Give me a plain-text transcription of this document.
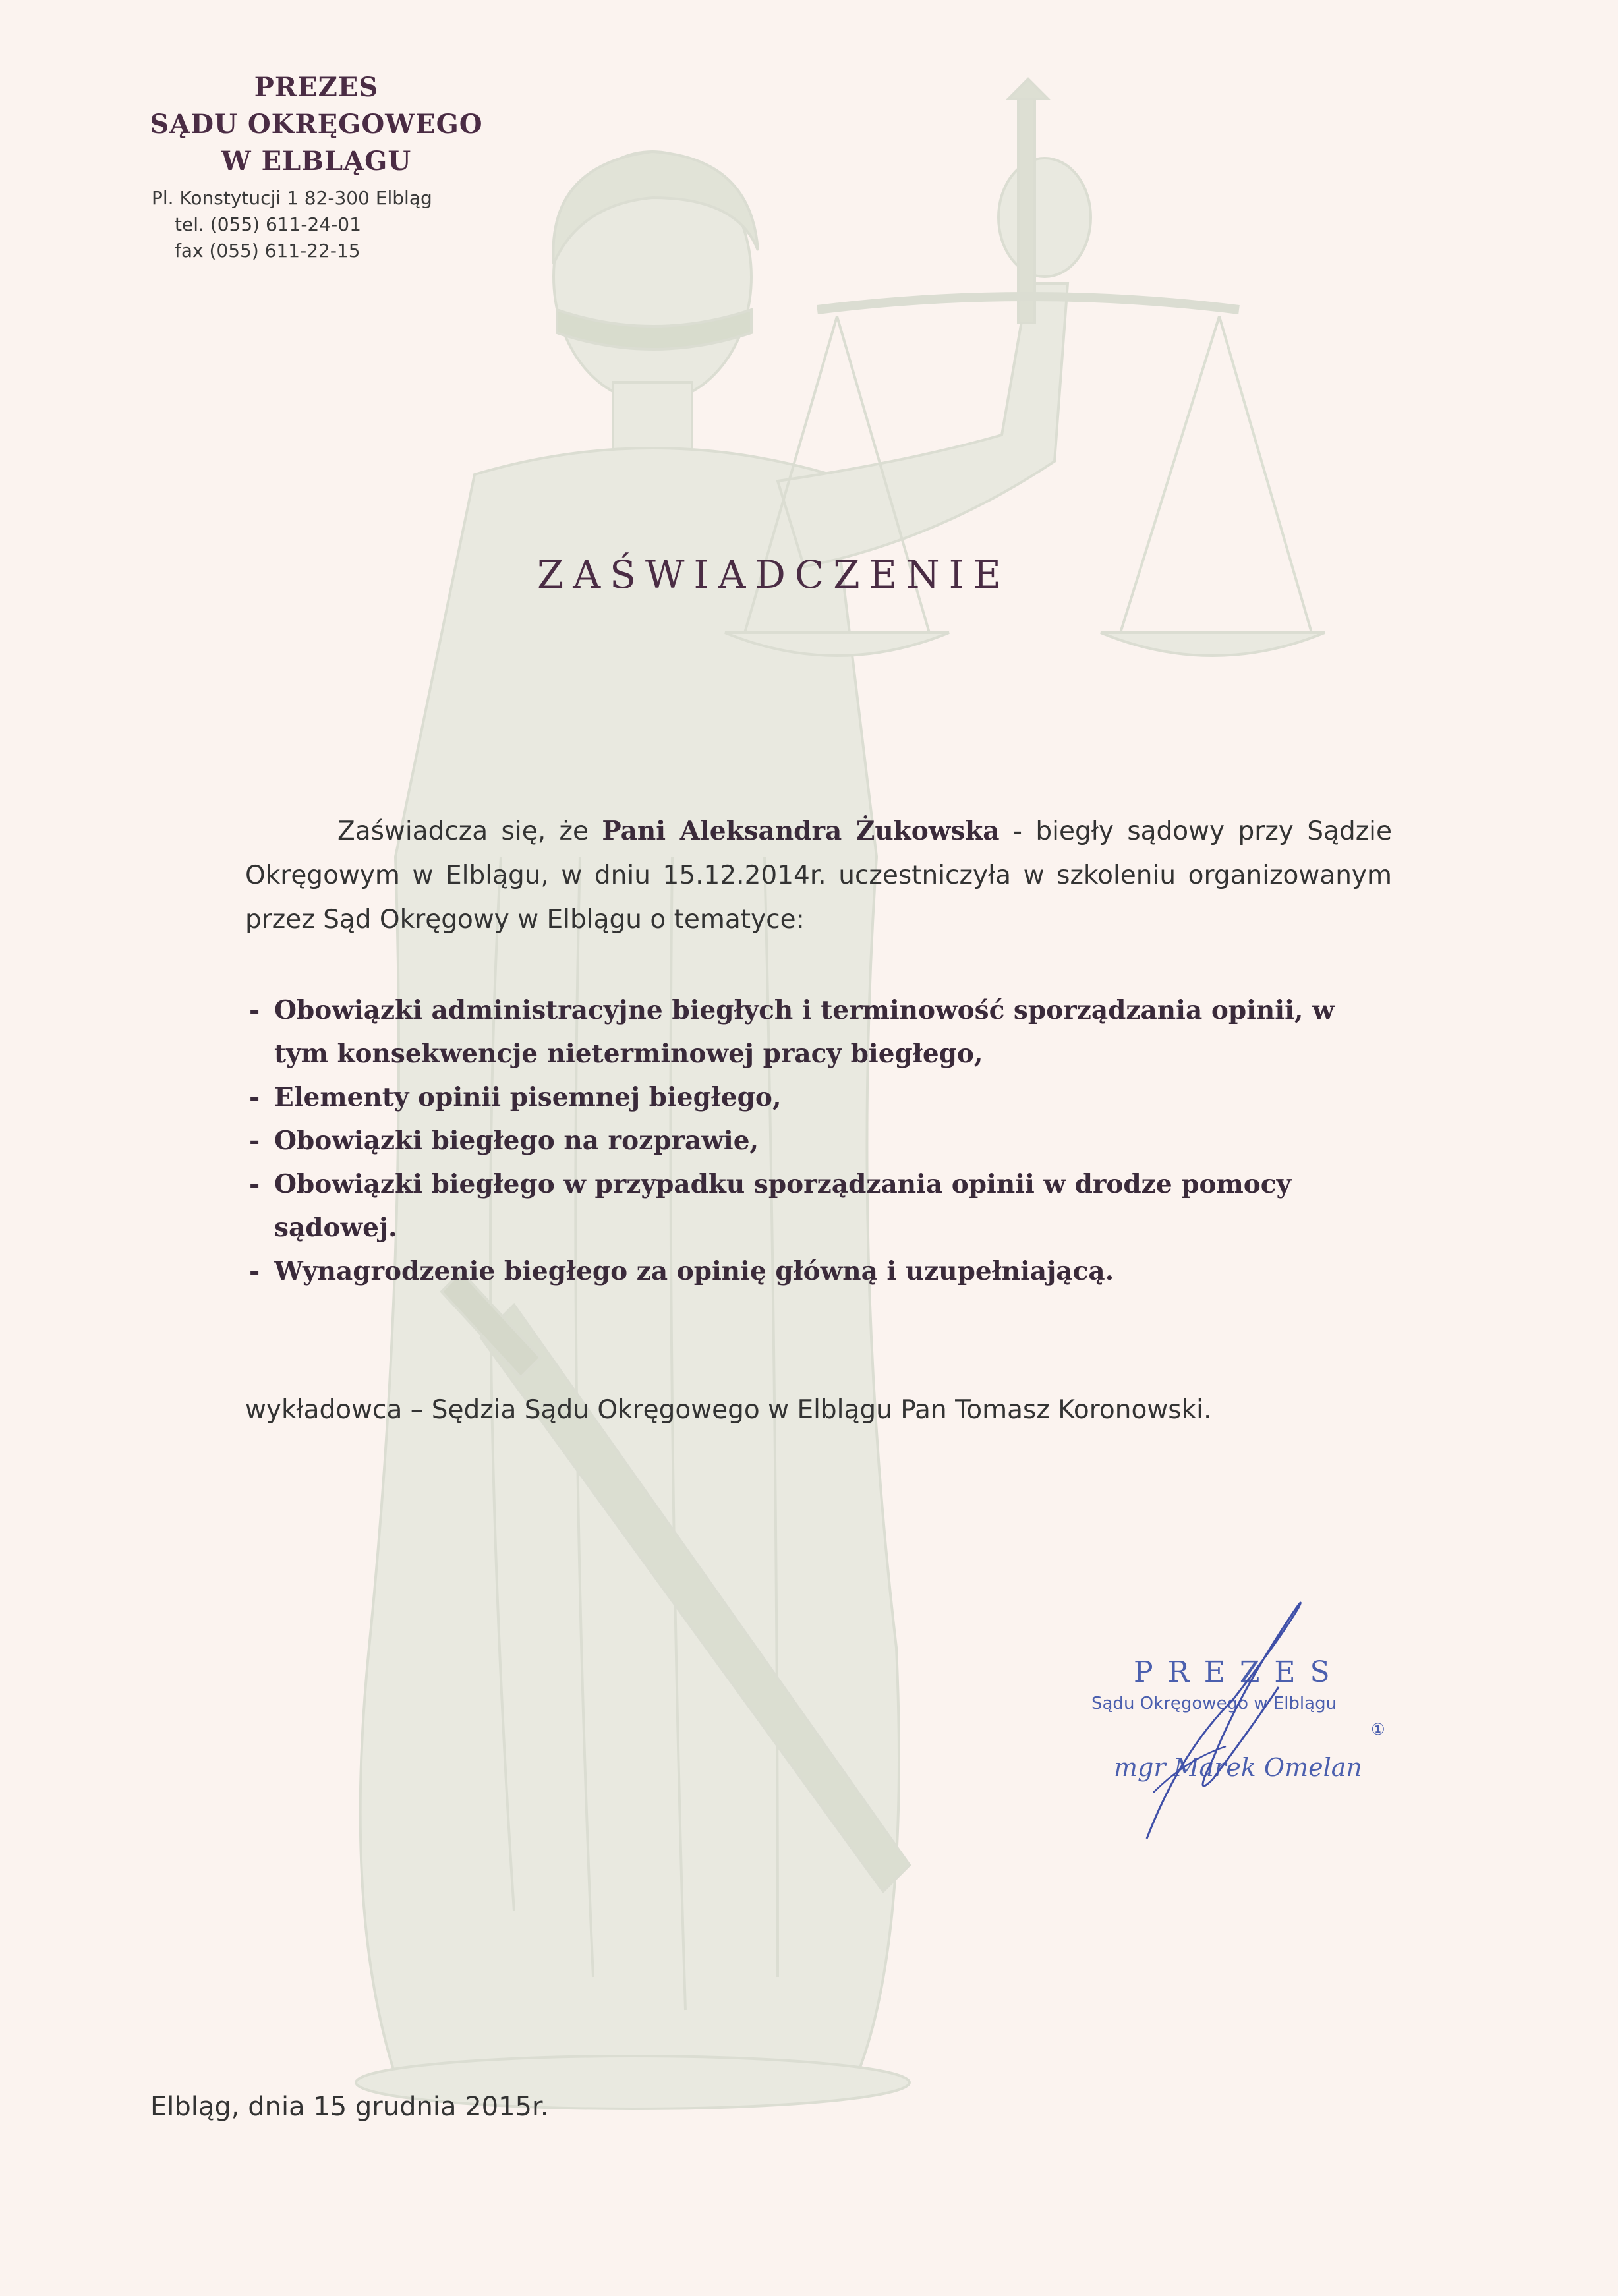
PREZES
SĄDU OKRĘGOWEGO
W ELBLĄGU
Pl. Konstytucji 1 82-300 Elbląg
tel. (055) 611-24-01
fax (055) 611-22-15
ZAŚWIADCZENIE
Zaświadcza się, że Pani Aleksandra Żukowska - biegły sądowy przy Sądzie Okręgowym w Elblągu, w dniu 15.12.2014r. uczestniczyła w szkoleniu organizowanym przez Sąd Okręgowy w Elblągu o tematyce:
- Obowiązki administracyjne biegłych i terminowość sporządzania opinii, w tym konsekwencje nieterminowej pracy biegłego,
- Elementy opinii pisemnej biegłego,
- Obowiązki biegłego na rozprawie,
- Obowiązki biegłego w przypadku sporządzania opinii w drodze pomocy sądowej.
- Wynagrodzenie biegłego za opinię główną i uzupełniającą.
wykładowca – Sędzia Sądu Okręgowego w Elblągu Pan Tomasz Koronowski.
PREZES
Sądu Okręgowego w Elblągu
①
mgr Marek Omelan
Elbląg, dnia 15 grudnia 2015r.
